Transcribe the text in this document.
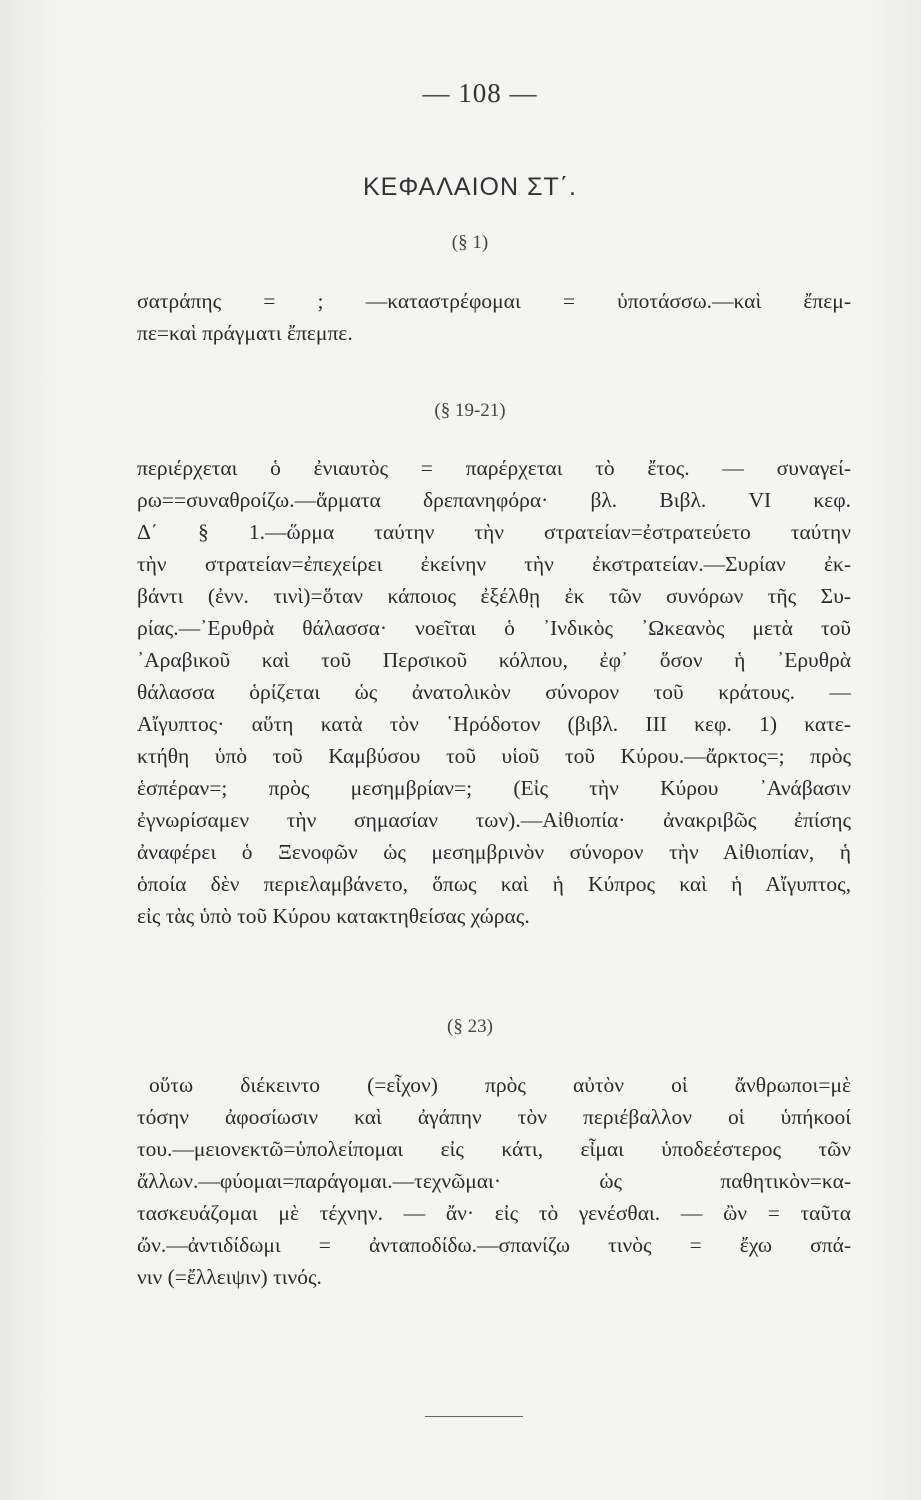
— 108 —
ΚΕΦΑΛΑΙΟΝ ΣΤ΄.
(§ 1)
σατράπης = ; —καταστρέφομαι = ὑποτάσσω.—καὶ ἔπεμ-
πε=καὶ πράγματι ἔπεμπε.
(§ 19-21)
περιέρχεται ὁ ἐνιαυτὸς = παρέρχεται τὸ ἔτος. — συναγεί-
ρω==συναθροίζω.—ἅρματα δρεπανηφόρα· βλ. Βιβλ. VI κεφ.
Δ΄ § 1.—ὥρμα ταύτην τὴν στρατείαν=ἐστρατεύετο ταύτην
τὴν στρατείαν=ἐπεχείρει ἐκείνην τὴν ἐκστρατείαν.—Συρίαν ἐκ-
βάντι (ἐνν. τινὶ)=ὅταν κάποιος ἐξέλθῃ ἐκ τῶν συνόρων τῆς Συ-
ρίας.—᾿Ερυθρὰ θάλασσα· νοεῖται ὁ ᾿Ινδικὸς ᾿Ωκεανὸς μετὰ τοῦ
᾿Αραβικοῦ καὶ τοῦ Περσικοῦ κόλπου, ἐφ᾿ ὅσον ἡ ᾿Ερυθρὰ
θάλασσα ὁρίζεται ὡς ἀνατολικὸν σύνορον τοῦ κράτους. —
Αἴγυπτος· αὕτη κατὰ τὸν ῾Ηρόδοτον (βιβλ. III κεφ. 1) κατε-
κτήθη ὑπὸ τοῦ Καμβύσου τοῦ υἱοῦ τοῦ Κύρου.—ἄρκτος=; πρὸς
ἑσπέραν=; πρὸς μεσημβρίαν=; (Εἰς τὴν Κύρου ᾿Ανάβασιν
ἐγνωρίσαμεν τὴν σημασίαν των).—Αἰθιοπία· ἀνακριβῶς ἐπίσης
ἀναφέρει ὁ Ξενοφῶν ὡς μεσημβρινὸν σύνορον τὴν Αἰθιοπίαν, ἡ
ὁποία δὲν περιελαμβάνετο, ὅπως καὶ ἡ Κύπρος καὶ ἡ Αἴγυπτος,
εἰς τὰς ὑπὸ τοῦ Κύρου κατακτηθείσας χώρας.
(§ 23)
οὕτω διέκειντο (=εἶχον) πρὸς αὐτὸν οἱ ἄνθρωποι=μὲ
τόσην ἀφοσίωσιν καὶ ἀγάπην τὸν περιέβαλλον οἱ ὑπήκοοί
του.—μειονεκτῶ=ὑπολείπομαι εἰς κάτι, εἶμαι ὑποδεέστερος τῶν
ἄλλων.—φύομαι=παράγομαι.—τεχνῶμαι· ὡς παθητικὸν=κα-
τασκευάζομαι μὲ τέχνην. — ἄν· εἰς τὸ γενέσθαι. — ὢν = ταῦτα
ὤν.—ἀντιδίδωμι = ἀνταποδίδω.—σπανίζω τινὸς = ἔχω σπά-
νιν (=ἔλλειψιν) τινός.
